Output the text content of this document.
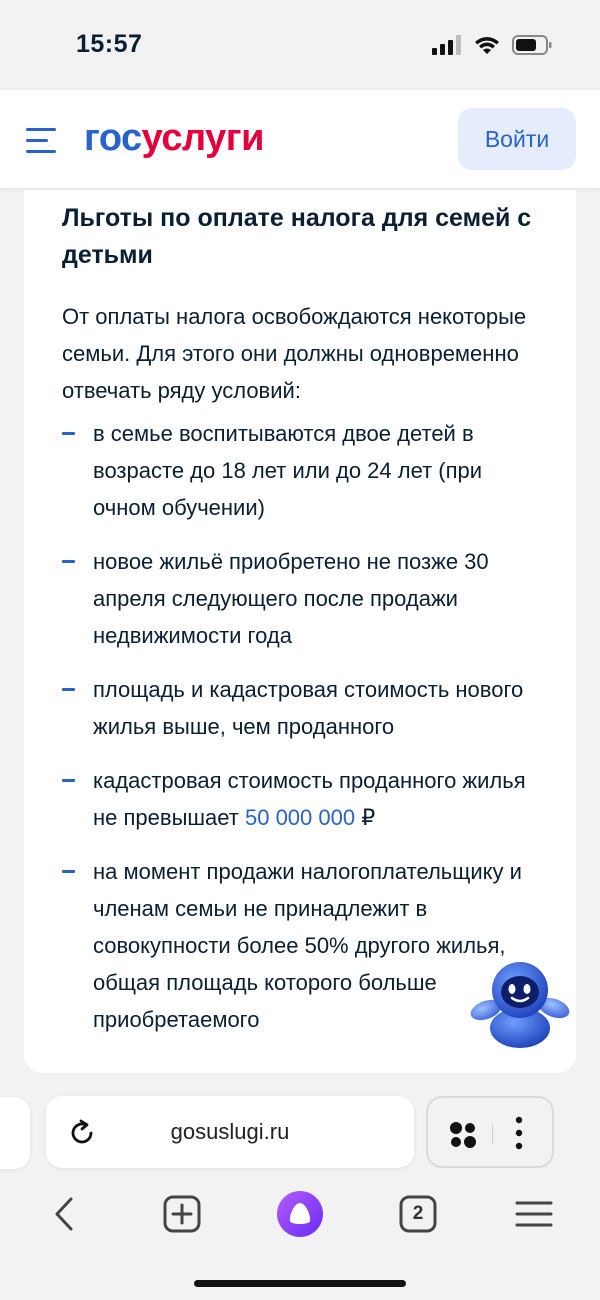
15:57
госуслуги	Войти
Льготы по оплате налога для семей с детьми

От оплаты налога освобождаются некоторые семьи. Для этого они должны одновременно отвечать ряду условий:

в семье воспитываются двое детей в возрасте до 18 лет или до 24 лет (при очном обучении)
новое жильё приобретено не позже 30 апреля следующего после продажи недвижимости года
площадь и кадастровая стоимость нового жилья выше, чем проданного
кадастровая стоимость проданного жилья не превышает 50 000 000 ₽
на момент продажи налогоплательщику и членам семьи не принадлежит в совокупности более 50% другого жилья, общая площадь которого больше приобретаемого
gosuslugi.ru
2
